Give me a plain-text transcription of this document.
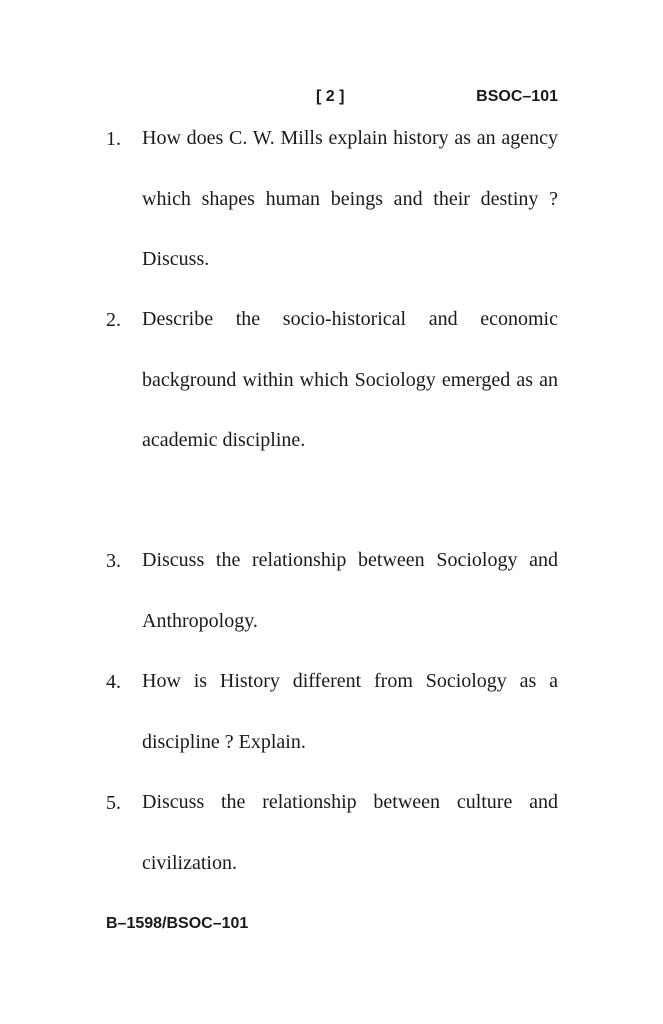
[ 2 ]	BSOC–101
1. How does C. W. Mills explain history as an agency which shapes human beings and their destiny ? Discuss.
2. Describe the socio-historical and economic background within which Sociology emerged as an academic discipline.
3. Discuss the relationship between Sociology and Anthropology.
4. How is History different from Sociology as a discipline ? Explain.
5. Discuss the relationship between culture and civilization.
B–1598/BSOC–101
